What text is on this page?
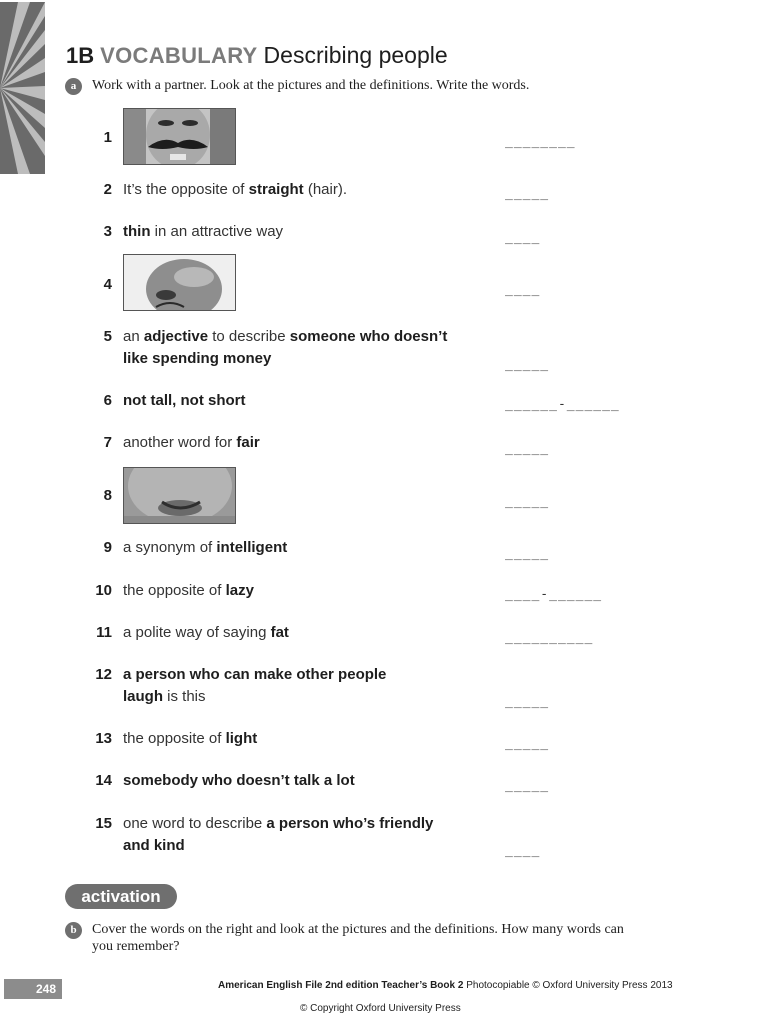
1B VOCABULARY Describing people
a	Work with a partner. Look at the pictures and the definitions. Write the words.
1	________
2 It’s the opposite of straight (hair).	_____
3 thin in an attractive way	____
4	____
5 an adjective to describe someone who doesn’t
like spending money	_____
6 not tall, not short	______-______
7 another word for fair	_____
8	_____
9 a synonym of intelligent	_____
10 the opposite of lazy	____-______
11 a polite way of saying fat	__________
12 a person who can make other people
laugh is this	_____
13 the opposite of light	_____
14 somebody who doesn’t talk a lot	_____
15 one word to describe a person who’s friendly
and kind	____
activation
b	Cover the words on the right and look at the pictures and the definitions. How many words can
you remember?
248	American English File 2nd edition Teacher’s Book 2 Photocopiable © Oxford University Press 2013
© Copyright Oxford University Press
